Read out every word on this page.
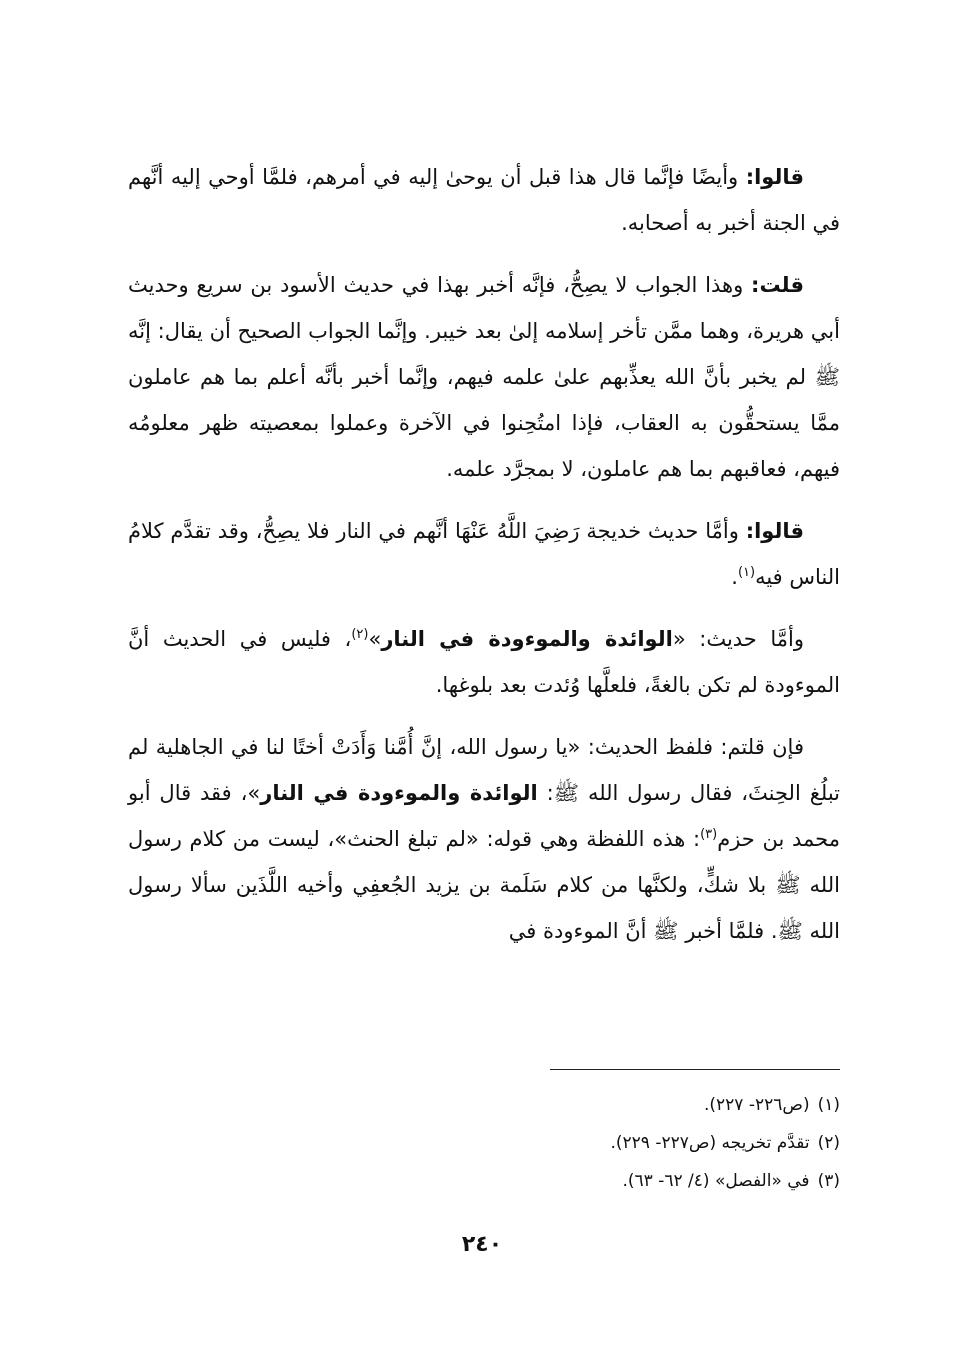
قالوا: وأيضًا فإنَّما قال هذا قبل أن يوحىٰ إليه في أمرهم، فلمَّا أوحي إليه أنَّهم في الجنة أخبر به أصحابه.

قلت: وهذا الجواب لا يصِحُّ، فإنَّه أخبر بهذا في حديث الأسود بن سريع وحديث أبي هريرة، وهما ممَّن تأخر إسلامه إلىٰ بعد خيبر. وإنَّما الجواب الصحيح أن يقال: إنَّه ﷺ لم يخبر بأنَّ الله يعذِّبهم علىٰ علمه فيهم، وإنَّما أخبر بأنَّه أعلم بما هم عاملون ممَّا يستحقُّون به العقاب، فإذا امتُحِنوا في الآخرة وعملوا بمعصيته ظهر معلومُه فيهم، فعاقبهم بما هم عاملون، لا بمجرَّد علمه.

قالوا: وأمَّا حديث خديجة رَضِيَ اللَّهُ عَنْهَا أنَّهم في النار فلا يصِحُّ، وقد تقدَّم كلامُ الناس فيه$^{(١)}$.

وأمَّا حديث: «الوائدة والموءودة في النار»$^{(٢)}$، فليس في الحديث أنَّ الموءودة لم تكن بالغةً، فلعلَّها وُئدت بعد بلوغها.

فإن قلتم: فلفظ الحديث: «يا رسول الله، إنَّ أُمَّنا وَأَدَتْ أختًا لنا في الجاهلية لم تبلُغ الحِنثَ، فقال رسول الله ﷺ: الوائدة والموءودة في النار»، فقد قال أبو محمد بن حزم$^{(٣)}$: هذه اللفظة وهي قوله: «لم تبلغ الحنث»، ليست من كلام رسول الله ﷺ بلا شكٍّ، ولكنَّها من كلام سَلَمة بن يزيد الجُعفِي وأخيه اللَّذَين سألا رسول الله ﷺ. فلمَّا أخبر ﷺ أنَّ الموءودة في

(١)(ص٢٢٦- ٢٢٧).

(٢)تقدَّم تخريجه (ص٢٢٧- ٢٢٩).

(٣)في «الفصل» (٤/ ٦٢- ٦٣).

٢٤٠
